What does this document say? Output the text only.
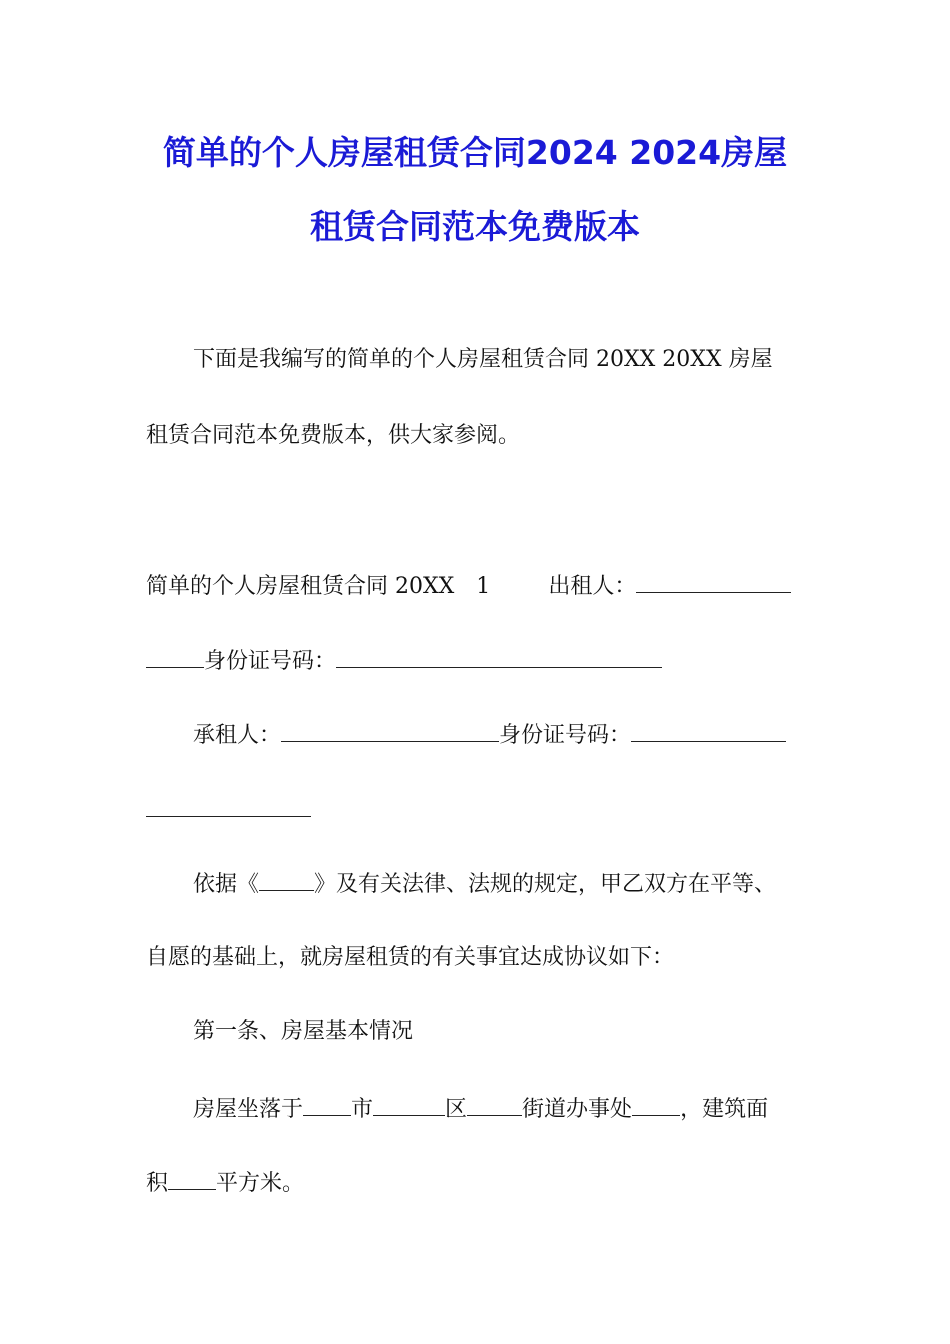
简单的个人房屋租赁合同2024 2024房屋
租赁合同范本免费版本
下面是我编写的简单的个人房屋租赁合同 20XX 20XX 房屋
租赁合同范本免费版本，供大家参阅。
简单的个人房屋租赁合同 20XX　1	出租人：
身份证号码：
承租人：	身份证号码：
依据《	》及有关法律、法规的规定，甲乙双方在平等、
自愿的基础上，就房屋租赁的有关事宜达成协议如下：
第一条、房屋基本情况
房屋坐落于 市	区	街道办事处 ，建筑面
积 平方米。
